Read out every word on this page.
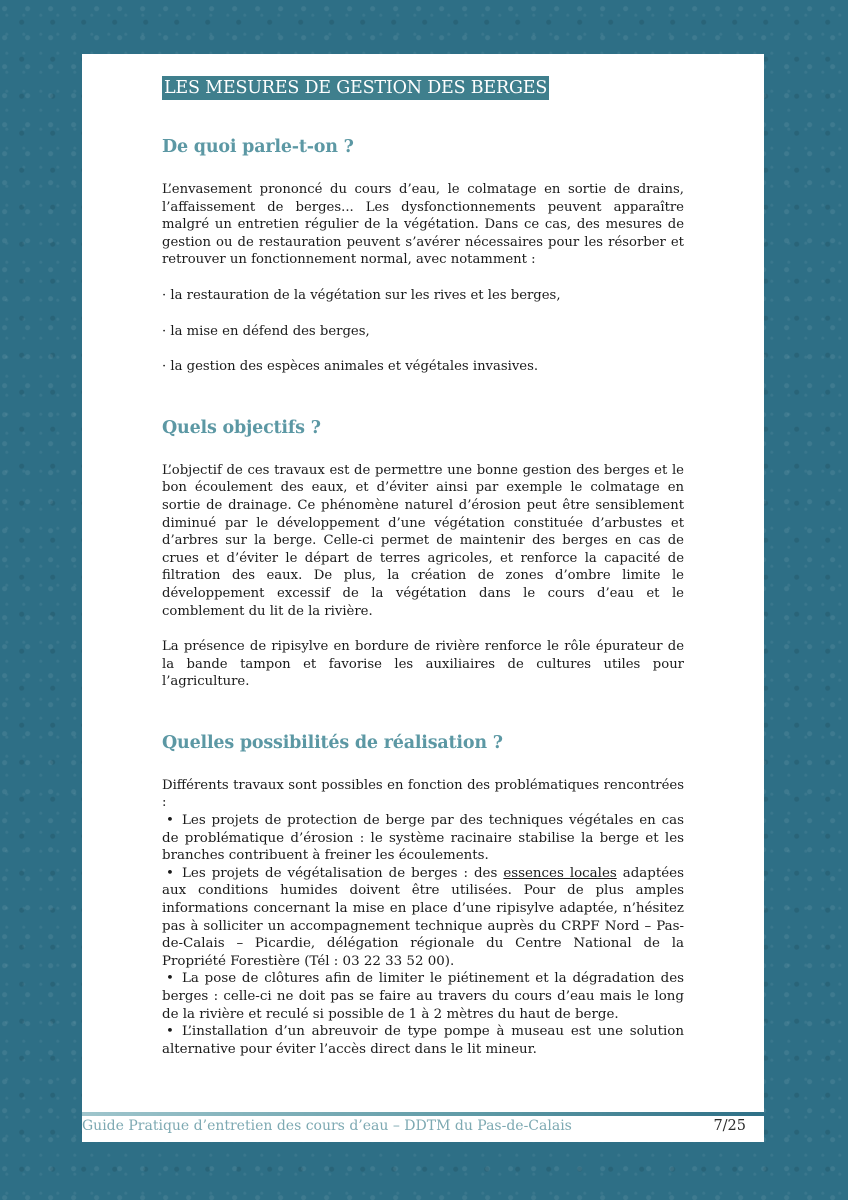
LES MESURES DE GESTION DES BERGES
De quoi parle-t-on ?

L’envasement prononcé du cours d’eau, le colmatage en sortie de drains, l’affaissement de berges... Les dysfonctionnements peuvent apparaître malgré un entretien régulier de la végétation. Dans ce cas, des mesures de gestion ou de restauration peuvent s’avérer nécessaires pour les résorber et retrouver un fonctionnement normal, avec notamment :

· la restauration de la végétation sur les rives et les berges,

· la mise en défend des berges,

· la gestion des espèces animales et végétales invasives.

Quels objectifs ?

L’objectif de ces travaux est de permettre une bonne gestion des berges et le bon écoulement des eaux, et d’éviter ainsi par exemple le colmatage en sortie de drainage. Ce phénomène naturel d’érosion peut être sensiblement diminué par le développement d’une végétation constituée d’arbustes et d’arbres sur la berge. Celle-ci permet de maintenir des berges en cas de crues et d’éviter le départ de terres agricoles, et renforce la capacité de filtration des eaux. De plus, la création de zones d’ombre limite le développement excessif de la végétation dans le cours d’eau et le comblement du lit de la rivière.

La présence de ripisylve en bordure de rivière renforce le rôle épurateur de la bande tampon et favorise les auxiliaires de cultures utiles pour l’agriculture.

Quelles possibilités de réalisation ?

Différents travaux sont possibles en fonction des problématiques rencontrées :

• Les projets de protection de berge par des techniques végétales en cas de problématique d’érosion : le système racinaire stabilise la berge et les branches contribuent à freiner les écoulements.
• Les projets de végétalisation de berges : des essences locales adaptées aux conditions humides doivent être utilisées. Pour de plus amples informations concernant la mise en place d’une ripisylve adaptée, n’hésitez pas à solliciter un accompagnement technique auprès du CRPF Nord – Pas-de-Calais – Picardie, délégation régionale du Centre National de la Propriété Forestière (Tél : 03 22 33 52 00).
• La pose de clôtures afin de limiter le piétinement et la dégradation des berges : celle-ci ne doit pas se faire au travers du cours d’eau mais le long de la rivière et reculé si possible de 1 à 2 mètres du haut de berge.
• L’installation d’un abreuvoir de type pompe à museau est une solution alternative pour éviter l’accès direct dans le lit mineur.
Guide Pratique d’entretien des cours d’eau – DDTM du Pas-de-Calais	7/25
